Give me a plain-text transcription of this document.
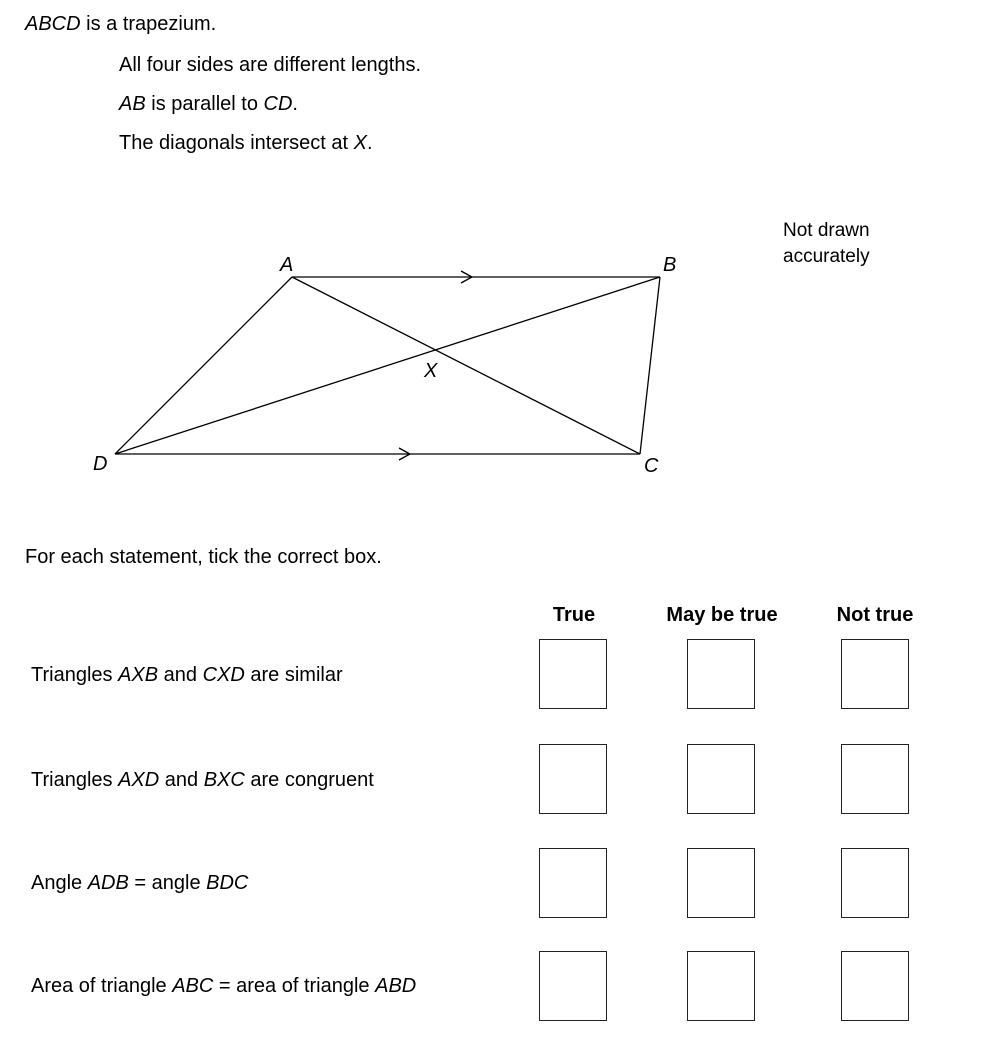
ABCD is a trapezium.
All four sides are different lengths.
AB is parallel to CD.
The diagonals intersect at X.
A	B
C
D
X
Not drawn
accurately
For each statement, tick the correct box.
True	May be true	Not true
Triangles AXB and CXD are similar
Triangles AXD and BXC are congruent
Angle ADB = angle BDC
Area of triangle ABC = area of triangle ABD
